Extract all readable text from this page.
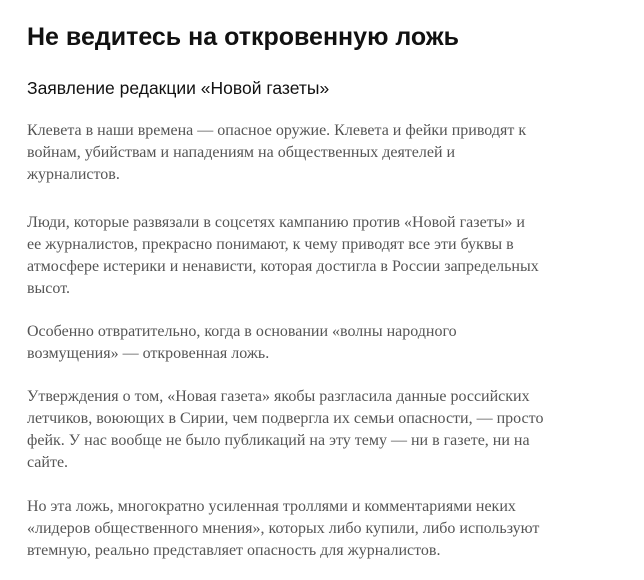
Не ведитесь на откровенную ложь
Заявление редакции «Новой газеты»

Клевета в наши времена — опасное оружие. Клевета и фейки приводят к
войнам, убийствам и нападениям на общественных деятелей и
журналистов.

Люди, которые развязали в соцсетях кампанию против «Новой газеты» и
ее журналистов, прекрасно понимают, к чему приводят все эти буквы в
атмосфере истерики и ненависти, которая достигла в России запредельных
высот.

Особенно отвратительно, когда в основании «волны народного
возмущения» — откровенная ложь.

Утверждения о том, «Новая газета» якобы разгласила данные российских
летчиков, воюющих в Сирии, чем подвергла их семьи опасности, — просто
фейк. У нас вообще не было публикаций на эту тему — ни в газете, ни на
сайте.

Но эта ложь, многократно усиленная троллями и комментариями неких
«лидеров общественного мнения», которых либо купили, либо используют
втемную, реально представляет опасность для журналистов.
